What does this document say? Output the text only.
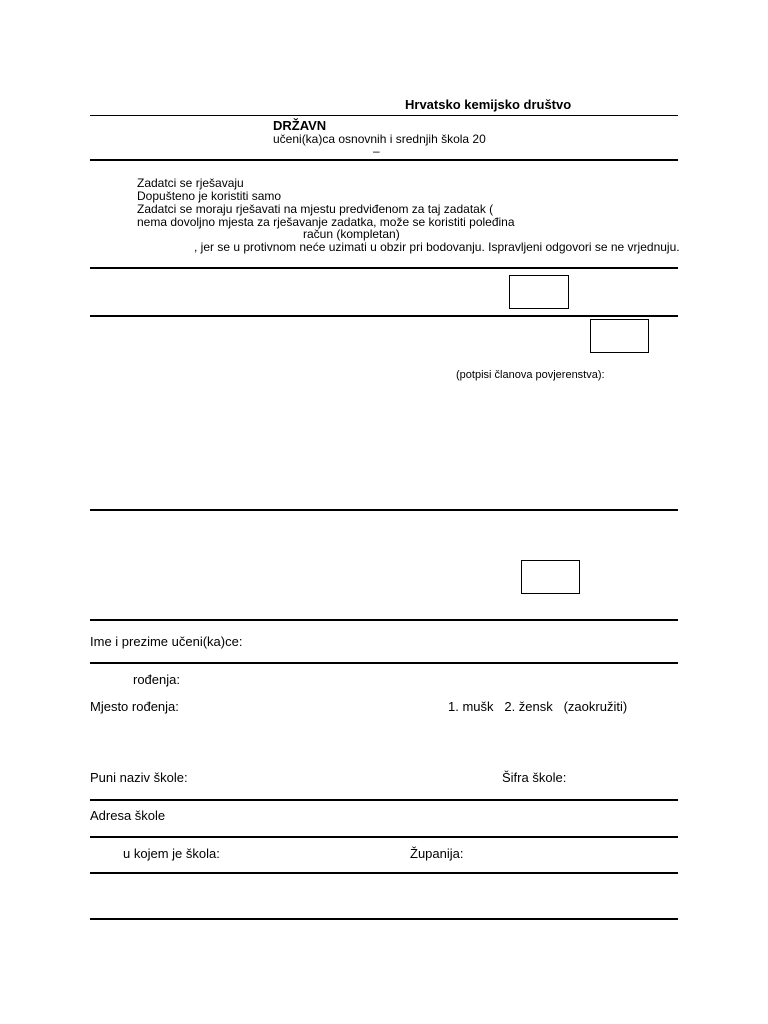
Hrvatsko kemijsko društvo
DRŽAVN
učeni(ka)ca osnovnih i srednjih škola 20
–
Zadatci se rješavaju
Dopušteno je koristiti samo
Zadatci se moraju rješavati na mjestu predviđenom za taj zadatak (
nema dovoljno mjesta za rješavanje zadatka, može se koristiti poleđina
račun (kompletan)
, jer se u protivnom neće uzimati u obzir pri bodovanju. Ispravljeni odgovori se ne vrjednuju.
(potpisi članova povjerenstva):
Ime i prezime učeni(ka)ce:
rođenja:
Mjesto rođenja:	1. mušk   2. žensk   (zaokružiti)
Puni naziv škole:	Šifra škole:
Adresa škole
u kojem je škola:	Županija:
